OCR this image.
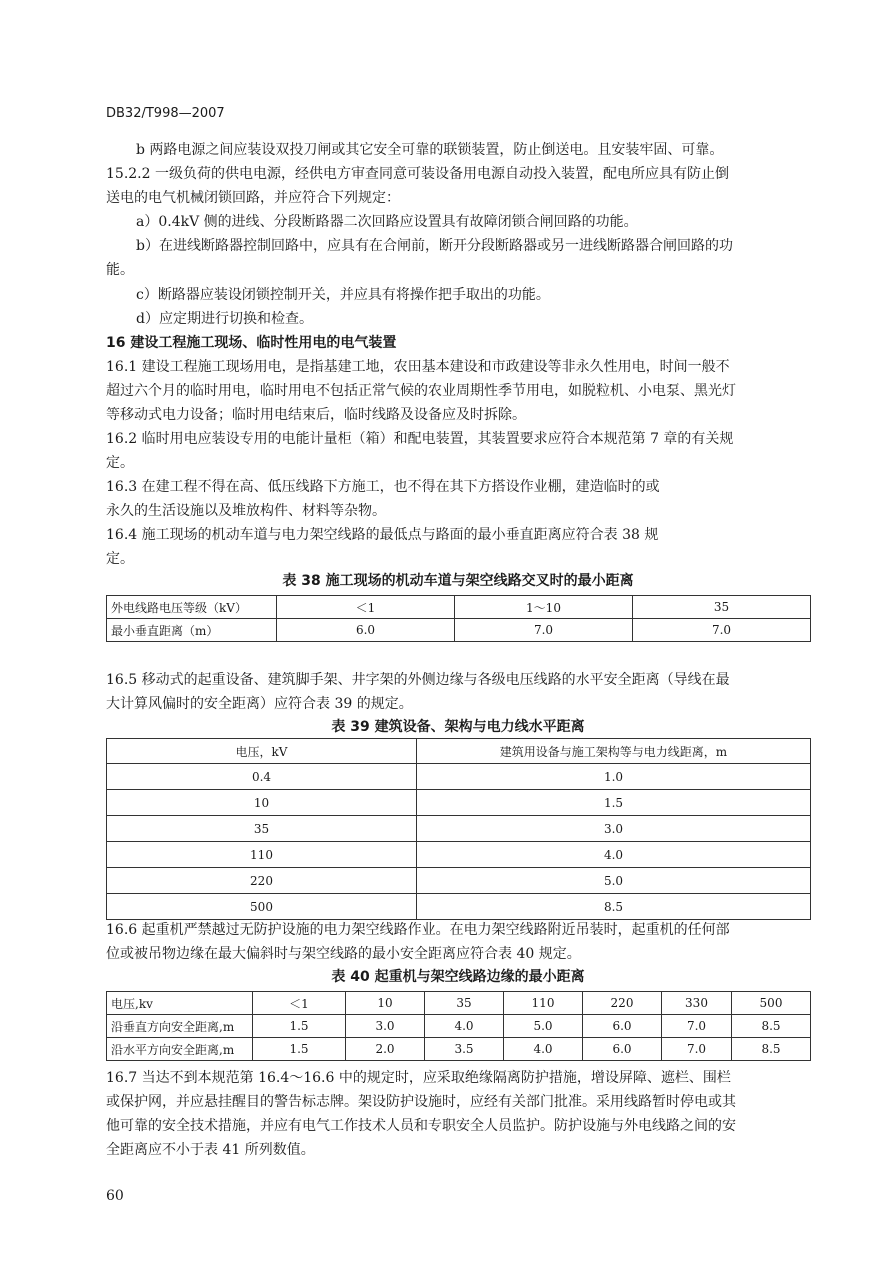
DB32/T998—2007
b 两路电源之间应装设双投刀闸或其它安全可靠的联锁装置，防止倒送电。且安装牢固、可靠。
15.2.2 一级负荷的供电电源，经供电方审查同意可装设备用电源自动投入装置，配电所应具有防止倒
送电的电气机械闭锁回路，并应符合下列规定：
a）0.4kV 侧的进线、分段断路器二次回路应设置具有故障闭锁合闸回路的功能。
b）在进线断路器控制回路中，应具有在合闸前，断开分段断路器或另一进线断路器合闸回路的功
能。
c）断路器应装设闭锁控制开关，并应具有将操作把手取出的功能。
d）应定期进行切换和检查。
16 建设工程施工现场、临时性用电的电气装置
16.1 建设工程施工现场用电，是指基建工地，农田基本建设和市政建设等非永久性用电，时间一般不
超过六个月的临时用电，临时用电不包括正常气候的农业周期性季节用电，如脱粒机、小电泵、黑光灯
等移动式电力设备；临时用电结束后，临时线路及设备应及时拆除。
16.2 临时用电应装设专用的电能计量柜（箱）和配电装置，其装置要求应符合本规范第 7 章的有关规
定。
16.3 在建工程不得在高、低压线路下方施工，也不得在其下方搭设作业棚，建造临时的或
永久的生活设施以及堆放构件、材料等杂物。
16.4 施工现场的机动车道与电力架空线路的最低点与路面的最小垂直距离应符合表 38 规
定。
表 38 施工现场的机动车道与架空线路交叉时的最小距离
外电线路电压等级（kV）	＜1	1～10	35
最小垂直距离（m）	6.0	7.0	7.0
16.5 移动式的起重设备、建筑脚手架、井字架的外侧边缘与各级电压线路的水平安全距离（导线在最
大计算风偏时的安全距离）应符合表 39 的规定。
表 39 建筑设备、架构与电力线水平距离
电压，kV	建筑用设备与施工架构等与电力线距离，m
0.4	1.0
10	1.5
35	3.0
110	4.0
220	5.0
500	8.5
16.6 起重机严禁越过无防护设施的电力架空线路作业。在电力架空线路附近吊装时，起重机的任何部
位或被吊物边缘在最大偏斜时与架空线路的最小安全距离应符合表 40 规定。
表 40 起重机与架空线路边缘的最小距离
电压,kv	＜1	10	35	110	220	330	500
沿垂直方向安全距离,m	1.5	3.0	4.0	5.0	6.0	7.0	8.5
沿水平方向安全距离,m	1.5	2.0	3.5	4.0	6.0	7.0	8.5
16.7 当达不到本规范第 16.4～16.6 中的规定时，应采取绝缘隔离防护措施，增设屏障、遮栏、围栏
或保护网，并应悬挂醒目的警告标志牌。架设防护设施时，应经有关部门批准。采用线路暂时停电或其
他可靠的安全技术措施，并应有电气工作技术人员和专职安全人员监护。防护设施与外电线路之间的安
全距离应不小于表 41 所列数值。
60
